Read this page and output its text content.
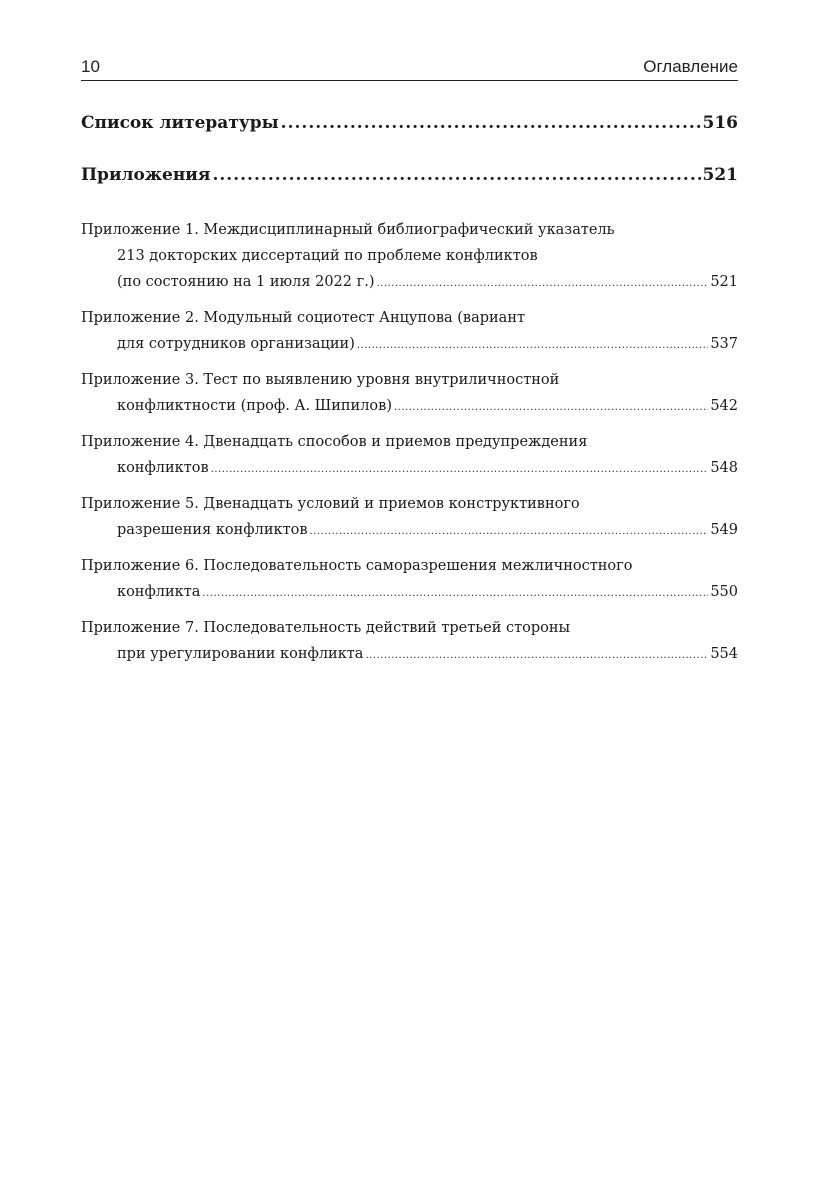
10	Оглавление
Список литературы .....	516
Приложения .....	521
Приложение 1. Междисциплинарный библиографический указатель
213 докторских диссертаций по проблеме конфликтов
(по состоянию на 1 июля 2022 г.) .....	521
Приложение 2. Модульный социотест Анцупова (вариант
для сотрудников организации) .....	537
Приложение 3. Тест по выявлению уровня внутриличностной
конфликтности (проф. А. Шипилов) .....	542
Приложение 4. Двенадцать способов и приемов предупреждения
конфликтов .....	548
Приложение 5. Двенадцать условий и приемов конструктивного
разрешения конфликтов .....	549
Приложение 6. Последовательность саморазрешения межличностного
конфликта .....	550
Приложение 7. Последовательность действий третьей стороны
при урегулировании конфликта .....	554
